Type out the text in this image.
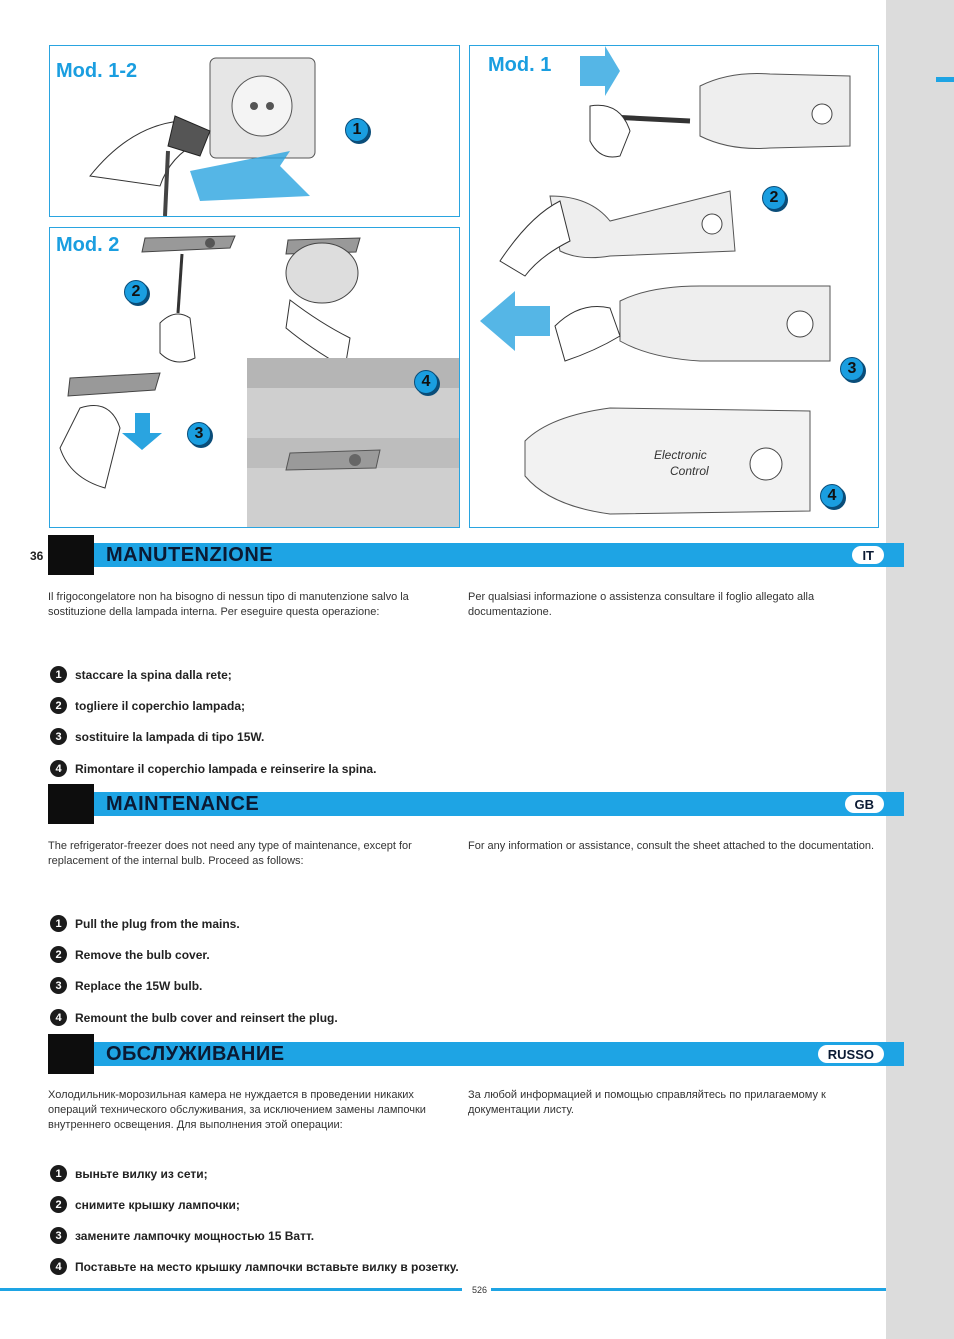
Mod. 1-2
1
Mod. 2
2
3
4
Mod. 1
Electronic
Control
2
3
4
36	MANUTENZIONE	IT
Il frigocongelatore non ha bisogno di nessun tipo di manutenzione salvo la sostituzione della lampada interna. Per eseguire questa operazione:
Per qualsiasi informazione o assistenza consultare il foglio allegato alla documentazione.
1	staccare la spina dalla rete;
2	togliere il coperchio lampada;
3	sostituire la lampada di tipo 15W.
4	Rimontare il coperchio lampada e reinserire la spina.
MAINTENANCE	GB
The refrigerator-freezer does not need any type of maintenance, except for replacement of the internal bulb. Proceed as follows:
For any information or assistance, consult the sheet attached to the documentation.
1	Pull the plug from the mains.
2	Remove the bulb cover.
3	Replace the 15W bulb.
4	Remount the bulb cover and reinsert the plug.
ОБСЛУЖИВАНИЕ	RUSSO
Холодильник-морозильная камера не нуждается в проведении никаких операций технического обслуживания, за исключением замены лампочки внутреннего освещения. Для выполнения этой операции:
За любой информацией и помощью справляйтесь по прилагаемому к документации листу.
1	выньте вилку из сети;
2	снимите крышку лампочки;
3	замените лампочку мощностью 15 Ватт.
4	Поставьте на место крышку лампочки вставьте вилку в розетку.
526
